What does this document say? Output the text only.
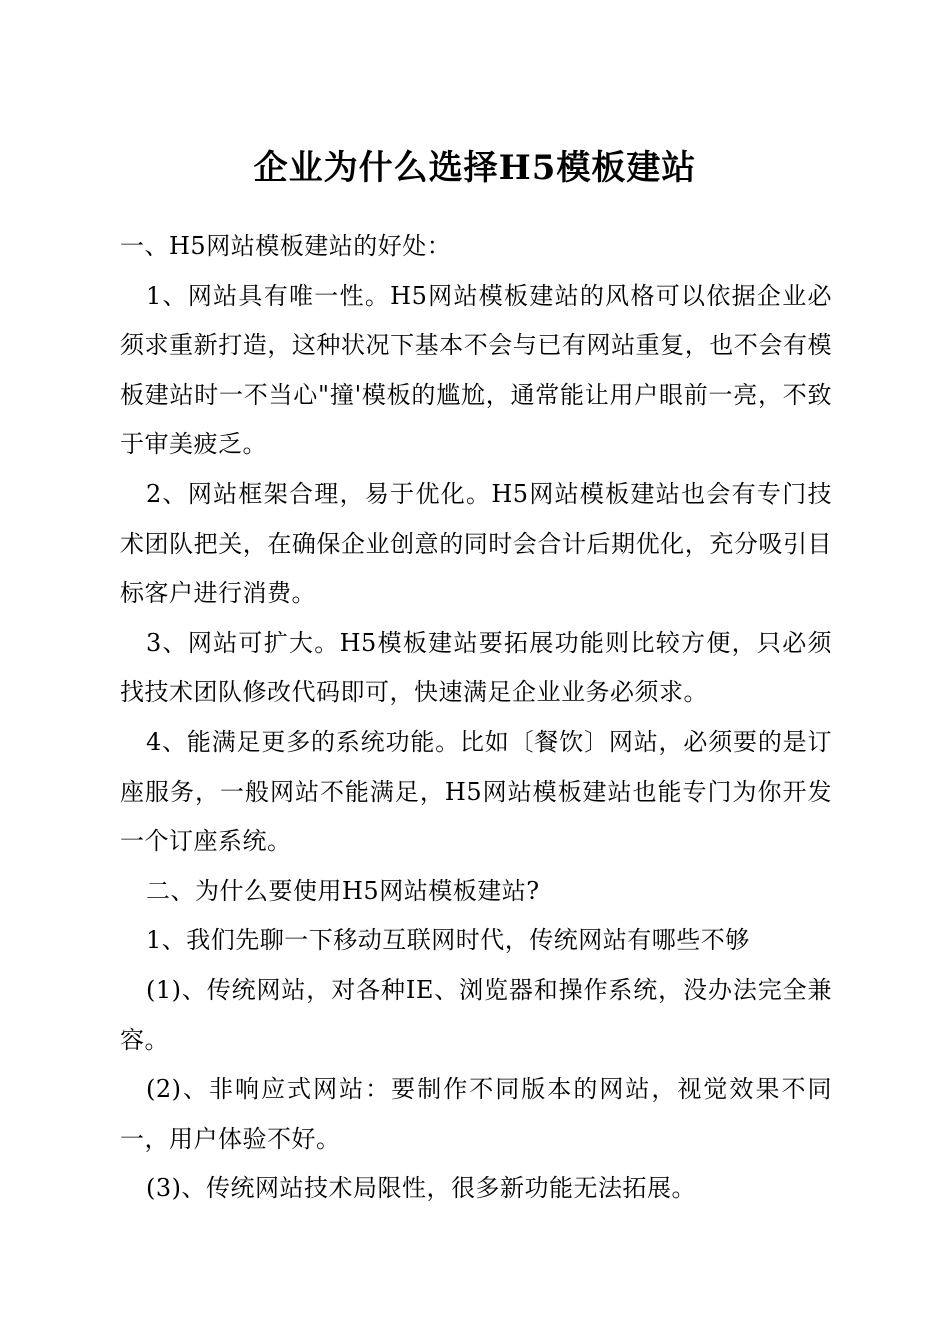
企业为什么选择H5模板建站

一、H5网站模板建站的好处：

1、网站具有唯一性。H5网站模板建站的风格可以依据企业必须求重新打造，这种状况下基本不会与已有网站重复，也不会有模板建站时一不当心"撞'模板的尴尬，通常能让用户眼前一亮，不致于审美疲乏。

2、网站框架合理，易于优化。H5网站模板建站也会有专门技术团队把关，在确保企业创意的同时会合计后期优化，充分吸引目标客户进行消费。

3、网站可扩大。H5模板建站要拓展功能则比较方便，只必须找技术团队修改代码即可，快速满足企业业务必须求。

4、能满足更多的系统功能。比如〔餐饮〕网站，必须要的是订座服务，一般网站不能满足，H5网站模板建站也能专门为你开发一个订座系统。

二、为什么要使用H5网站模板建站?

1、我们先聊一下移动互联网时代，传统网站有哪些不够

(1)、传统网站，对各种IE、浏览器和操作系统，没办法完全兼容。

(2)、非响应式网站：要制作不同版本的网站，视觉效果不同一，用户体验不好。

(3)、传统网站技术局限性，很多新功能无法拓展。
